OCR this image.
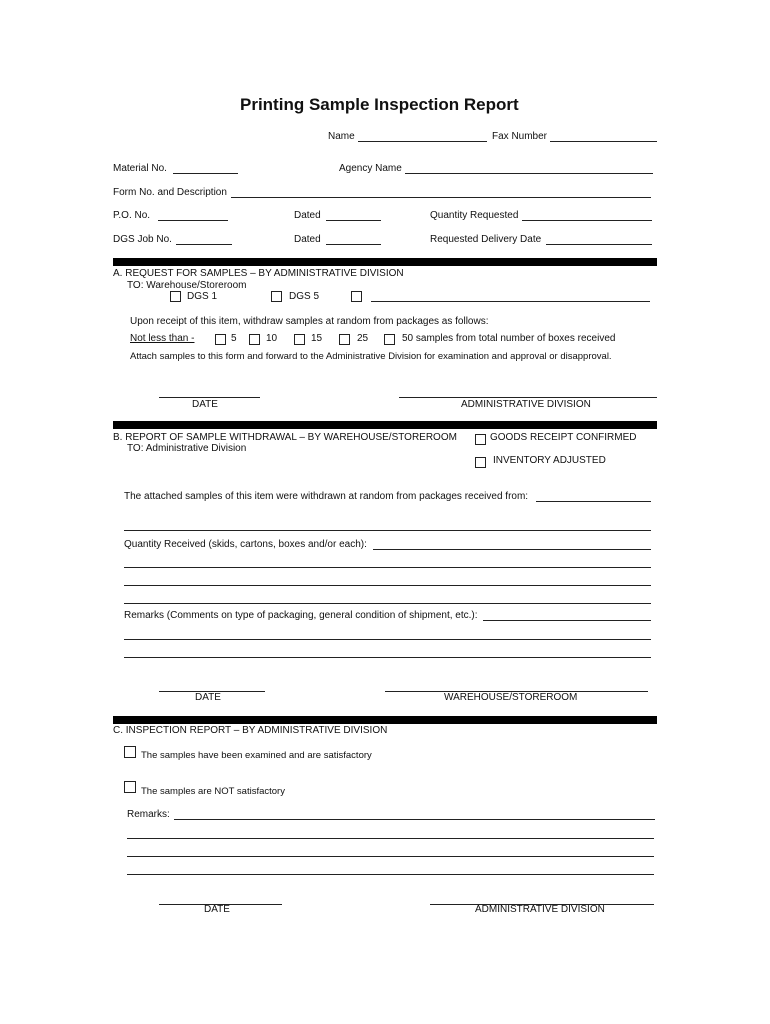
Printing Sample Inspection Report
Name	Fax Number
Material No.	Agency Name
Form No. and Description
P.O. No.	Dated	Quantity Requested
DGS Job No.	Dated	Requested Delivery Date
A. REQUEST FOR SAMPLES – BY ADMINISTRATIVE DIVISION
TO: Warehouse/Storeroom
DGS 1	DGS 5
Upon receipt of this item, withdraw samples at random from packages as follows:
Not less than -	5	10	15	25	50 samples from total number of boxes received
Attach samples to this form and forward to the Administrative Division for examination and approval or disapproval.
DATE	ADMINISTRATIVE DIVISION
B. REPORT OF SAMPLE WITHDRAWAL – BY WAREHOUSE/STOREROOM
TO: Administrative Division
GOODS RECEIPT CONFIRMED
INVENTORY ADJUSTED
The attached samples of this item were withdrawn at random from packages received from:
Quantity Received (skids, cartons, boxes and/or each):
Remarks (Comments on type of packaging, general condition of shipment, etc.):
DATE	WAREHOUSE/STOREROOM
C. INSPECTION REPORT – BY ADMINISTRATIVE DIVISION
The samples have been examined and are satisfactory
The samples are NOT satisfactory
Remarks:
DATE	ADMINISTRATIVE DIVISION
